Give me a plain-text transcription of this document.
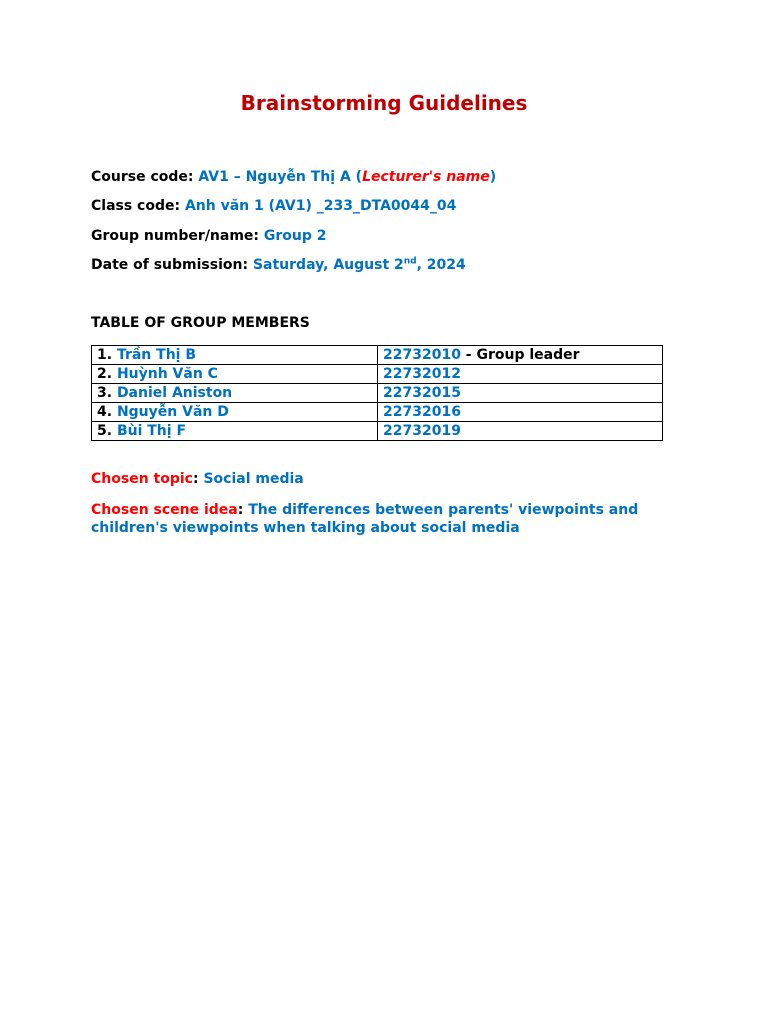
Brainstorming Guidelines
Course code: AV1 – Nguyễn Thị A (Lecturer's name)
Class code: Anh văn 1 (AV1) _233_DTA0044_04
Group number/name: Group 2
Date of submission: Saturday, August 2nd, 2024
TABLE OF GROUP MEMBERS
1. Trần Thị B	22732010 - Group leader
2. Huỳnh Văn C	22732012
3. Daniel Aniston	22732015
4. Nguyễn Văn D	22732016
5. Bùi Thị F	22732019
Chosen topic: Social media
Chosen scene idea: The differences between parents' viewpoints and children's viewpoints when talking about social media
